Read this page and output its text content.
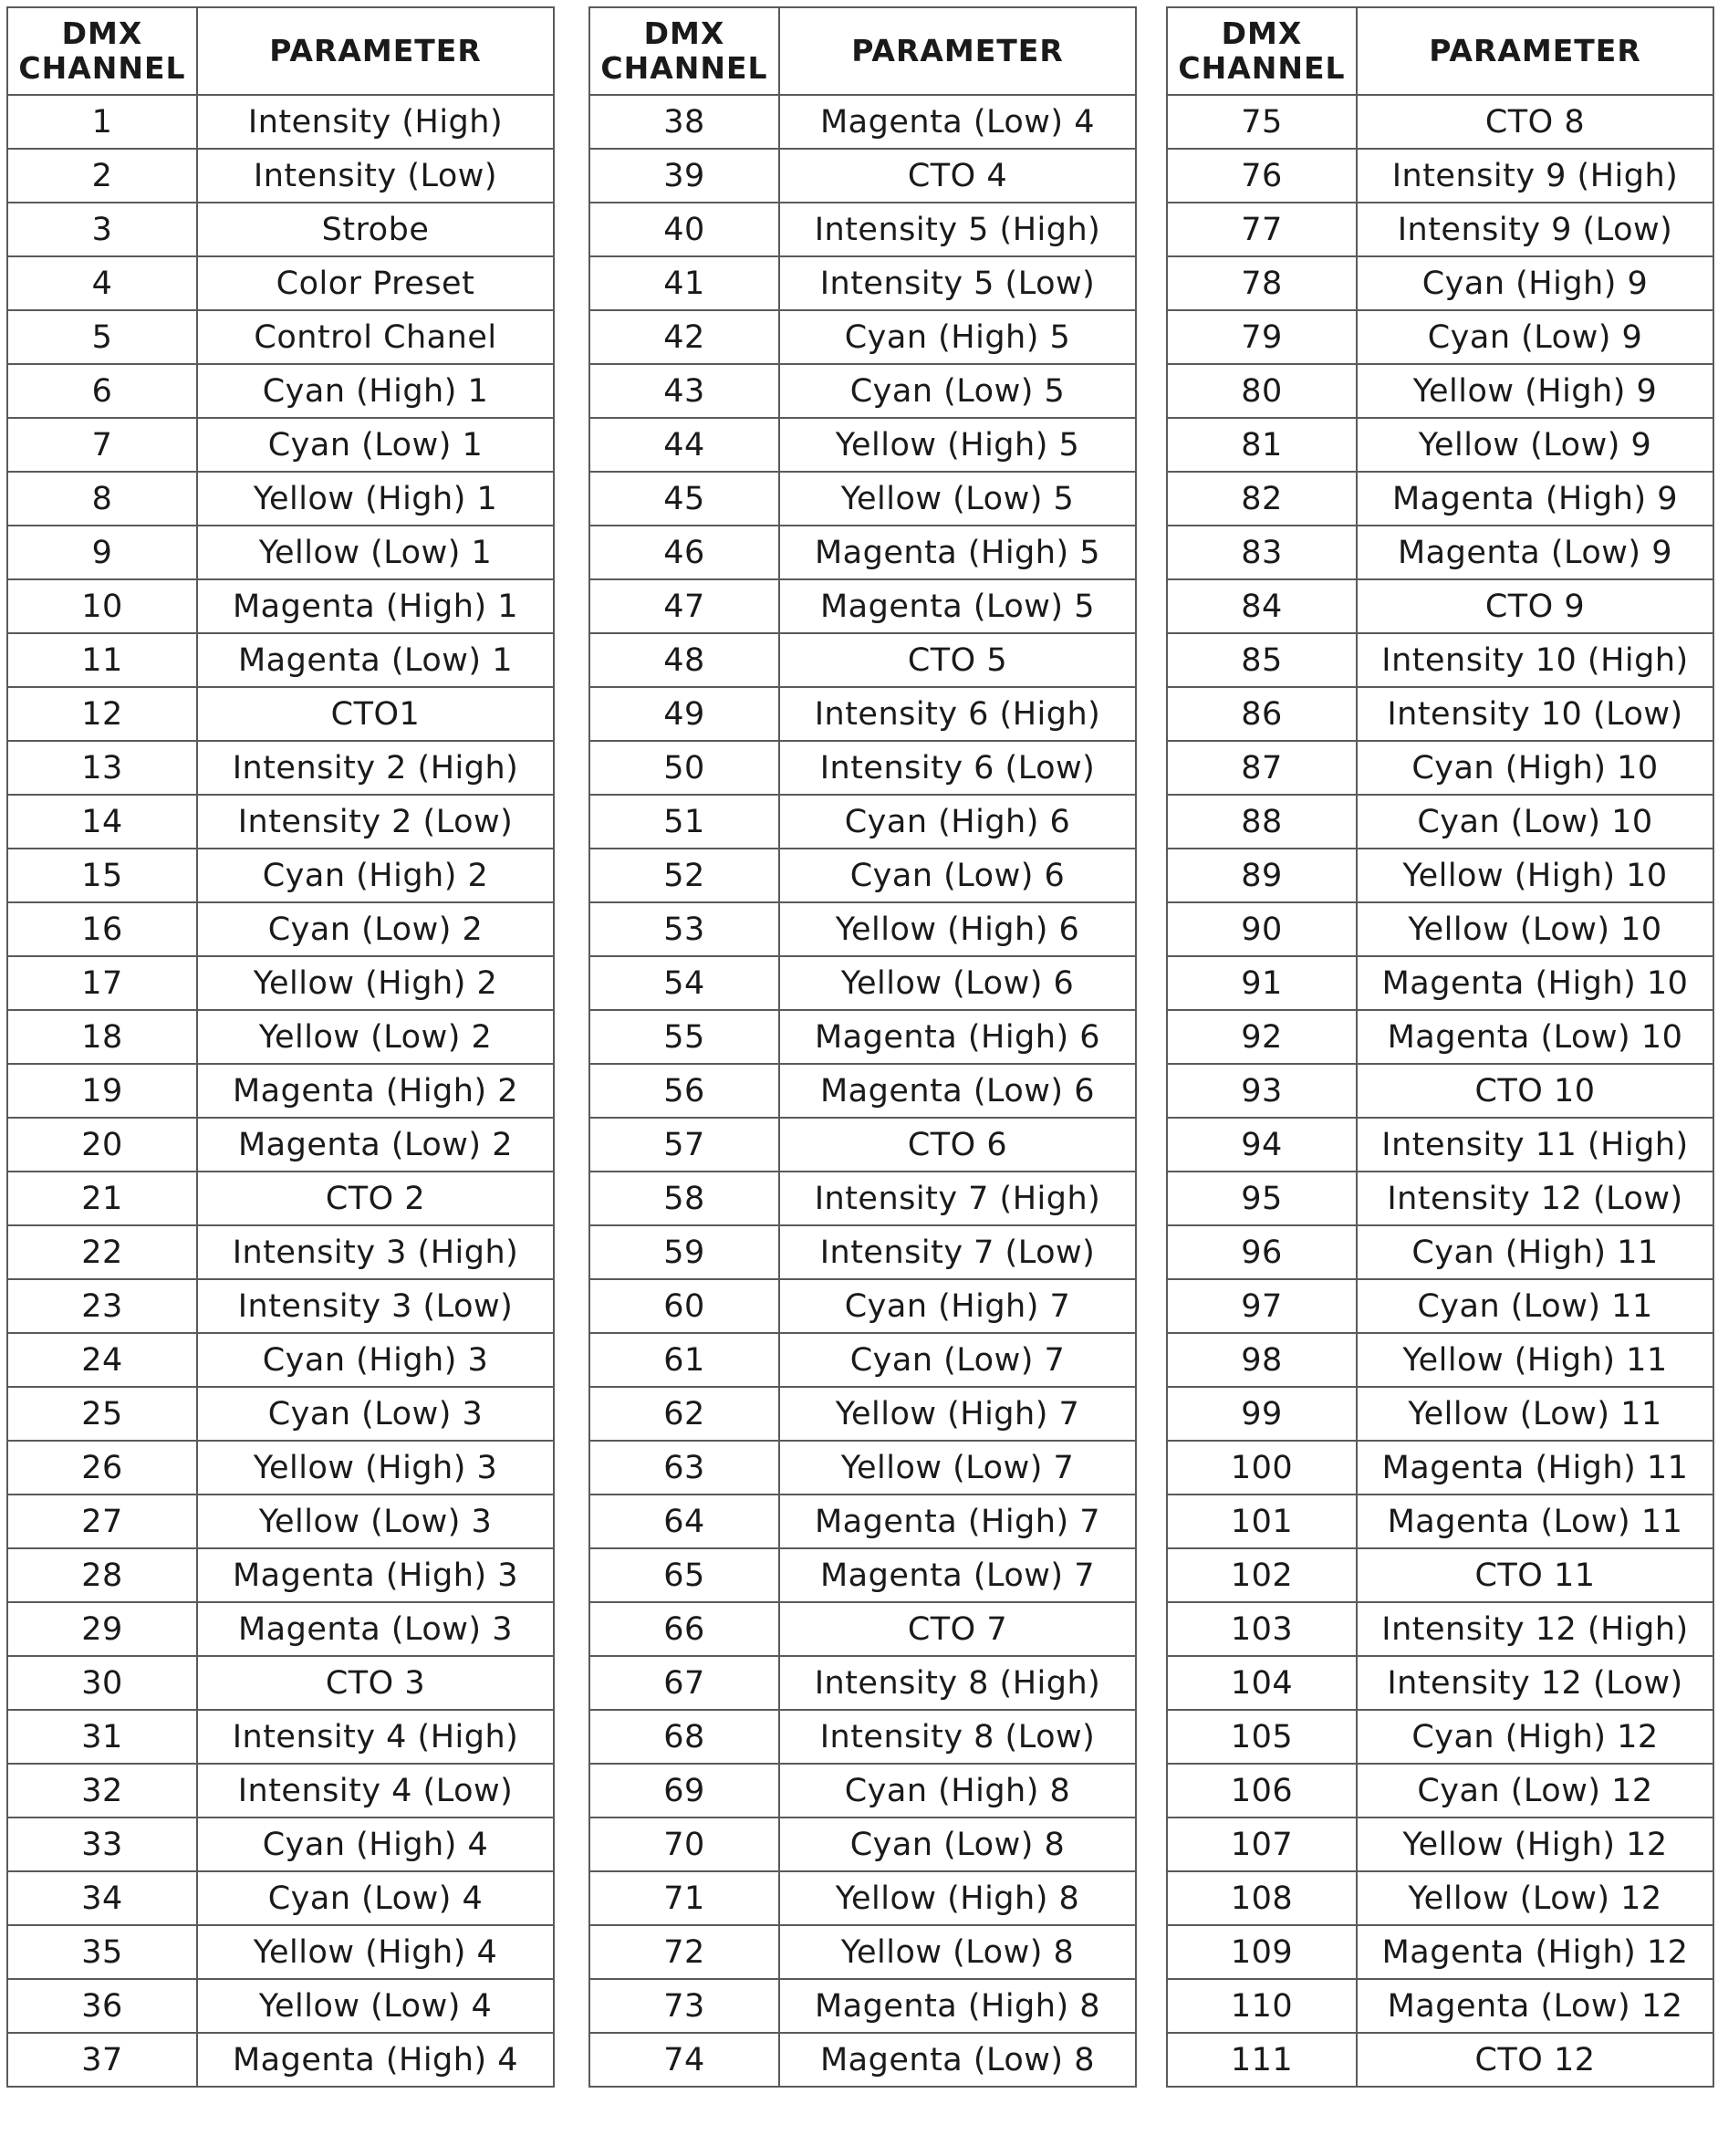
DMX
CHANNEL	PARAMETER
1	Intensity (High)
2	Intensity (Low)
3	Strobe
4	Color Preset
5	Control Chanel
6	Cyan (High) 1
7	Cyan (Low) 1
8	Yellow (High) 1
9	Yellow (Low) 1
10	Magenta (High) 1
11	Magenta (Low) 1
12	CTO1
13	Intensity 2 (High)
14	Intensity 2 (Low)
15	Cyan (High) 2
16	Cyan (Low) 2
17	Yellow (High) 2
18	Yellow (Low) 2
19	Magenta (High) 2
20	Magenta (Low) 2
21	CTO 2
22	Intensity 3 (High)
23	Intensity 3 (Low)
24	Cyan (High) 3
25	Cyan (Low) 3
26	Yellow (High) 3
27	Yellow (Low) 3
28	Magenta (High) 3
29	Magenta (Low) 3
30	CTO 3
31	Intensity 4 (High)
32	Intensity 4 (Low)
33	Cyan (High) 4
34	Cyan (Low) 4
35	Yellow (High) 4
36	Yellow (Low) 4
37	Magenta (High) 4
DMX
CHANNEL	PARAMETER
38	Magenta (Low) 4
39	CTO 4
40	Intensity 5 (High)
41	Intensity 5 (Low)
42	Cyan (High) 5
43	Cyan (Low) 5
44	Yellow (High) 5
45	Yellow (Low) 5
46	Magenta (High) 5
47	Magenta (Low) 5
48	CTO 5
49	Intensity 6 (High)
50	Intensity 6 (Low)
51	Cyan (High) 6
52	Cyan (Low) 6
53	Yellow (High) 6
54	Yellow (Low) 6
55	Magenta (High) 6
56	Magenta (Low) 6
57	CTO 6
58	Intensity 7 (High)
59	Intensity 7 (Low)
60	Cyan (High) 7
61	Cyan (Low) 7
62	Yellow (High) 7
63	Yellow (Low) 7
64	Magenta (High) 7
65	Magenta (Low) 7
66	CTO 7
67	Intensity 8 (High)
68	Intensity 8 (Low)
69	Cyan (High) 8
70	Cyan (Low) 8
71	Yellow (High) 8
72	Yellow (Low) 8
73	Magenta (High) 8
74	Magenta (Low) 8
DMX
CHANNEL	PARAMETER
75	CTO 8
76	Intensity 9 (High)
77	Intensity 9 (Low)
78	Cyan (High) 9
79	Cyan (Low) 9
80	Yellow (High) 9
81	Yellow (Low) 9
82	Magenta (High) 9
83	Magenta (Low) 9
84	CTO 9
85	Intensity 10 (High)
86	Intensity 10 (Low)
87	Cyan (High) 10
88	Cyan (Low) 10
89	Yellow (High) 10
90	Yellow (Low) 10
91	Magenta (High) 10
92	Magenta (Low) 10
93	CTO 10
94	Intensity 11 (High)
95	Intensity 12 (Low)
96	Cyan (High) 11
97	Cyan (Low) 11
98	Yellow (High) 11
99	Yellow (Low) 11
100	Magenta (High) 11
101	Magenta (Low) 11
102	CTO 11
103	Intensity 12 (High)
104	Intensity 12 (Low)
105	Cyan (High) 12
106	Cyan (Low) 12
107	Yellow (High) 12
108	Yellow (Low) 12
109	Magenta (High) 12
110	Magenta (Low) 12
111	CTO 12
